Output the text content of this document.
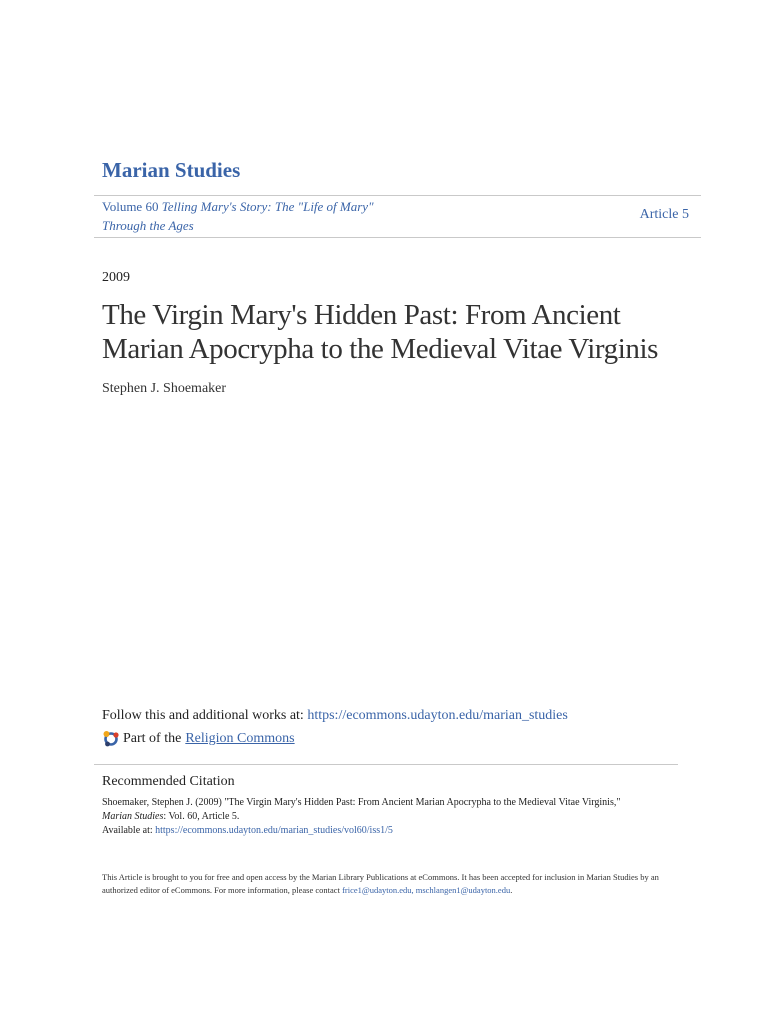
Marian Studies
Volume 60 Telling Mary's Story: The "Life of Mary"
Through the Ages
Article 5
2009
The Virgin Mary's Hidden Past: From Ancient
Marian Apocrypha to the Medieval Vitae Virginis
Stephen J. Shoemaker
Follow this and additional works at: https://ecommons.udayton.edu/marian_studies
Part of the Religion Commons
Recommended Citation
Shoemaker, Stephen J. (2009) "The Virgin Mary's Hidden Past: From Ancient Marian Apocrypha to the Medieval Vitae Virginis,"
Marian Studies: Vol. 60, Article 5.
Available at: https://ecommons.udayton.edu/marian_studies/vol60/iss1/5
This Article is brought to you for free and open access by the Marian Library Publications at eCommons. It has been accepted for inclusion in Marian Studies by an authorized editor of eCommons. For more information, please contact frice1@udayton.edu, mschlangen1@udayton.edu.
